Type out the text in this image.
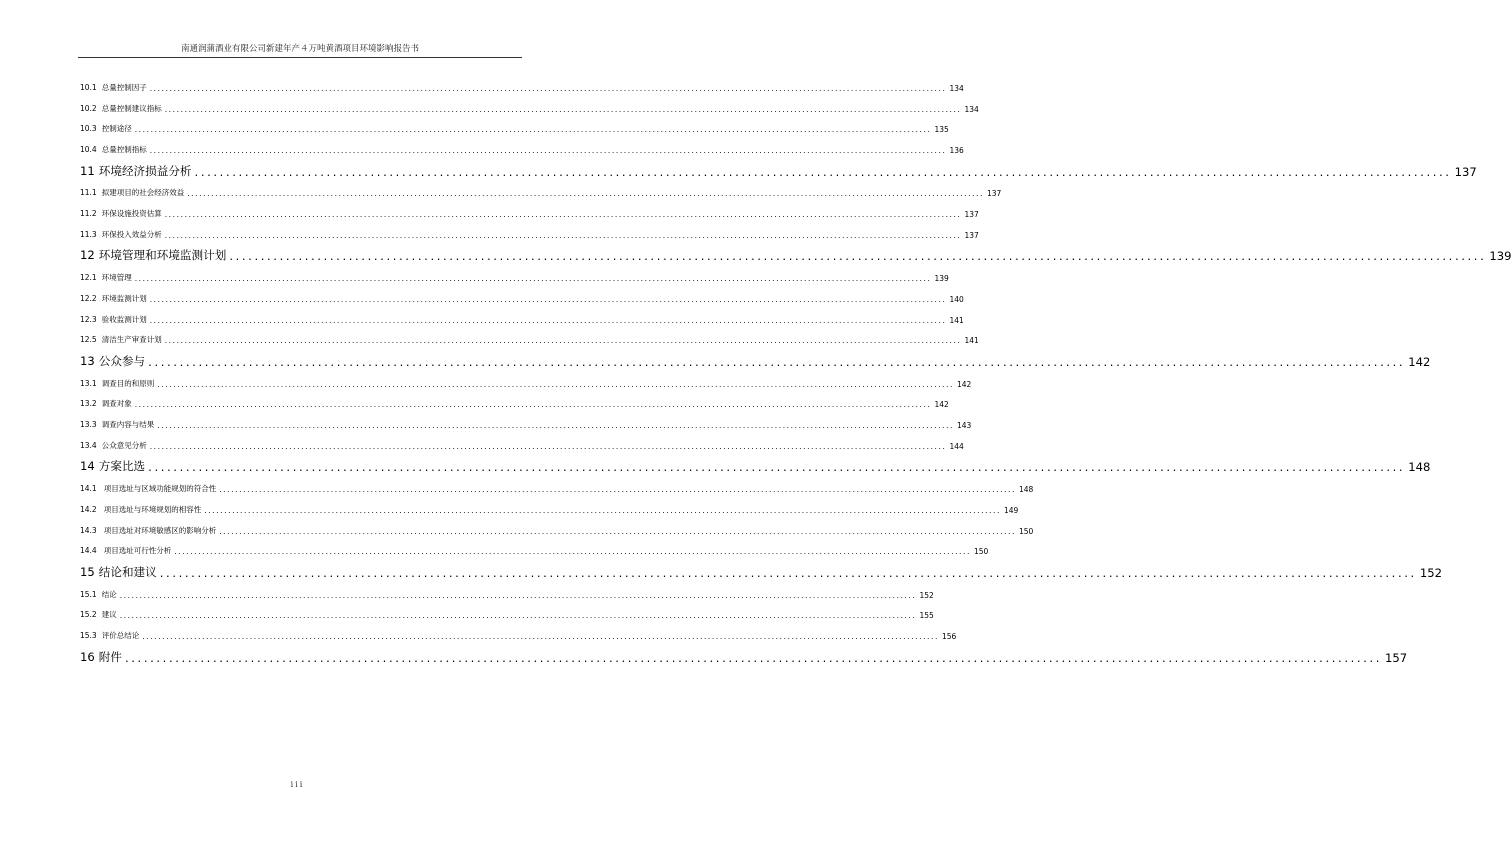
南通润蒲酒业有限公司新建年产４万吨黄酒项目环境影响报告书
10.1 总量控制因子 ........................................................................................................................................................................................................ 134
10.2 总量控制建议指标 ........................................................................................................................................................................................................ 134
10.3 控制途径 ........................................................................................................................................................................................................ 135
10.4 总量控制指标 ........................................................................................................................................................................................................ 136
11 环境经济损益分析 ........................................................................................................................................................................................................ 137
11.1 拟建项目的社会经济效益 ........................................................................................................................................................................................................ 137
11.2 环保设施投资估算 ........................................................................................................................................................................................................ 137
11.3 环保投入效益分析 ........................................................................................................................................................................................................ 137
12 环境管理和环境监测计划 ........................................................................................................................................................................................................ 139
12.1 环境管理 ........................................................................................................................................................................................................ 139
12.2 环境监测计划 ........................................................................................................................................................................................................ 140
12.3 验收监测计划 ........................................................................................................................................................................................................ 141
12.5 清洁生产审查计划 ........................................................................................................................................................................................................ 141
13 公众参与 ........................................................................................................................................................................................................ 142
13.1 调查目的和原则 ........................................................................................................................................................................................................ 142
13.2 调查对象 ........................................................................................................................................................................................................ 142
13.3 调查内容与结果 ........................................................................................................................................................................................................ 143
13.4 公众意见分析 ........................................................................................................................................................................................................ 144
14 方案比选 ........................................................................................................................................................................................................ 148
14.1 项目选址与区域功能规划的符合性 ........................................................................................................................................................................................................ 148
14.2 项目选址与环境规划的相容性 ........................................................................................................................................................................................................ 149
14.3 项目选址对环境敏感区的影响分析 ........................................................................................................................................................................................................ 150
14.4 项目选址可行性分析 ........................................................................................................................................................................................................ 150
15 结论和建议 ........................................................................................................................................................................................................ 152
15.1 结论 ........................................................................................................................................................................................................ 152
15.2 建议 ........................................................................................................................................................................................................ 155
15.3 评价总结论 ........................................................................................................................................................................................................ 156
16 附件 ........................................................................................................................................................................................................ 157
iii
